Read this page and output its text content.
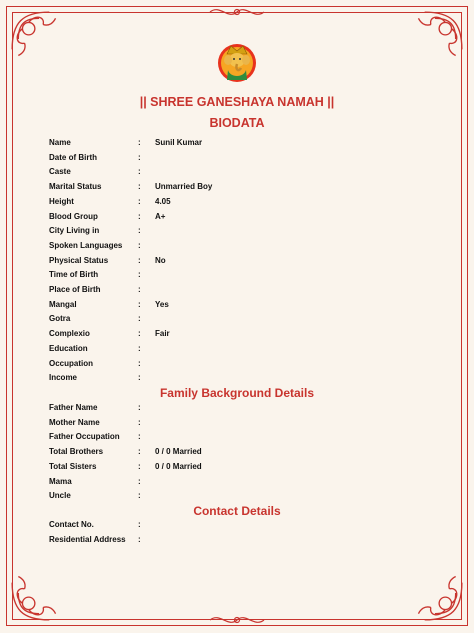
|| SHREE GANESHAYA NAMAH ||
BIODATA
Name	: Sunil Kumar
Date of Birth	:
Caste	:
Marital Status	: Unmarried Boy
Height	: 4.05
Blood Group	: A+
City Living in	:
Spoken Languages :
Physical Status	: No
Time of Birth	:
Place of Birth	:
Mangal	: Yes
Gotra	:
Complexio	: Fair
Education	:
Occupation	:
Income	:
Family Background Details
Father Name	:
Mother Name	:
Father Occupation :
Total Brothers	: 0 / 0 Married
Total Sisters	: 0 / 0 Married
Mama	:
Uncle	:
Contact Details
Contact No.	:
Residential Address :
